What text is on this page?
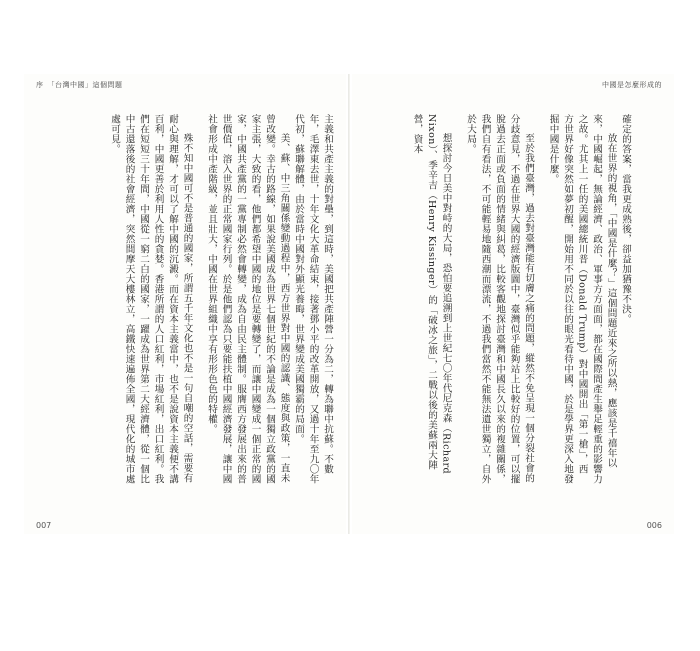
序　「台灣中國」這個問題

主義和共產主義的對壘，到這時，美國把共產陣營一分為二，轉為聯中抗蘇。不數年，毛澤東去世，十年文化大革命結束，接著鄧小平的改革開放，又過十年至九〇年代初，蘇聯解體，由於當時中國對外顯光養晦，世界變成美國獨霸的局面。

美、蘇、中三角關係變動過程中，西方世界對中國的認識、態度與政策，一直未曾改變。幸古的路線，如果說美國成為世界七個世紀的不論是成為一個獨立政黨的國家主張，大致的看，他們都希望中國的地位是要轉變了，而讓中國變成一個正常的國家，中國共產黨的一黨專制必然會轉變，成為自由民主體制。服膺西方發展出來的普世價值，溶入世界的正常國家行列。於是他們認為只要能扶植中國經濟發展，讓中國社會形成中產階級，並且壯大，中國在世界組織中享有形形色色的特權。

殊不知中國可不是普通的國家，所謂五千年文化也不是一句自嘲的空話，需要有耐心與理解，才可以了解中國的沉澱。而在資本主義當中，也不是說資本主義便不講百利，中國更善於利用人性的貪婪。香港所謂的人口紅利，市場紅利，出口紅利。我們在短短三十年間，中國從一窮二白的國家，一躍成為世界第二大經濟體，從一個比中古還落後的社會經濟，突然間摩天大樓林立，高鐵快速遍佈全國，現代化的城市處處可見。

007
中國是怎麼形成的

確定的答案，當我更成熟後，卻益加猶豫不決。

放在世界的視角，「中國是什麼？」這個問題近來之所以熱，應該是千禧年以來，中國崛起，無論經濟、政治、軍事方方面面，都在國際間產生舉足輕重的影響力之故。尤其上一任的美國總統川普（Donald Trump）對中國開出「第一槍」，西方世界好像突然如夢初醒，開始用不同於以往的眼光看待中國，於是學界更深入地發掘中國是什麼。

至於我們臺灣，過去對臺灣能有切膚之痛的問題，縱然不免呈現一個分裂社會的分歧意見，不過在世界大國的經濟版圖中，臺灣似乎能夠站上比較好的位置，可以擺脫過去正面或負面的情緒與糾葛，比較客觀地探討臺灣和中國長久以來的複雜關係，我們自有看法，不可能輕易地隨西潮而漂流，不過我們當然不能無法遺世獨立，自外於大局。

想探討今日美中對峙的大局，恐怕要追溯到上世紀七〇年代尼克森（Richard Nixon）、季辛吉（Henry Kissinger）的「破冰之旅」，二戰以後的美蘇兩大陣營，資本

006
